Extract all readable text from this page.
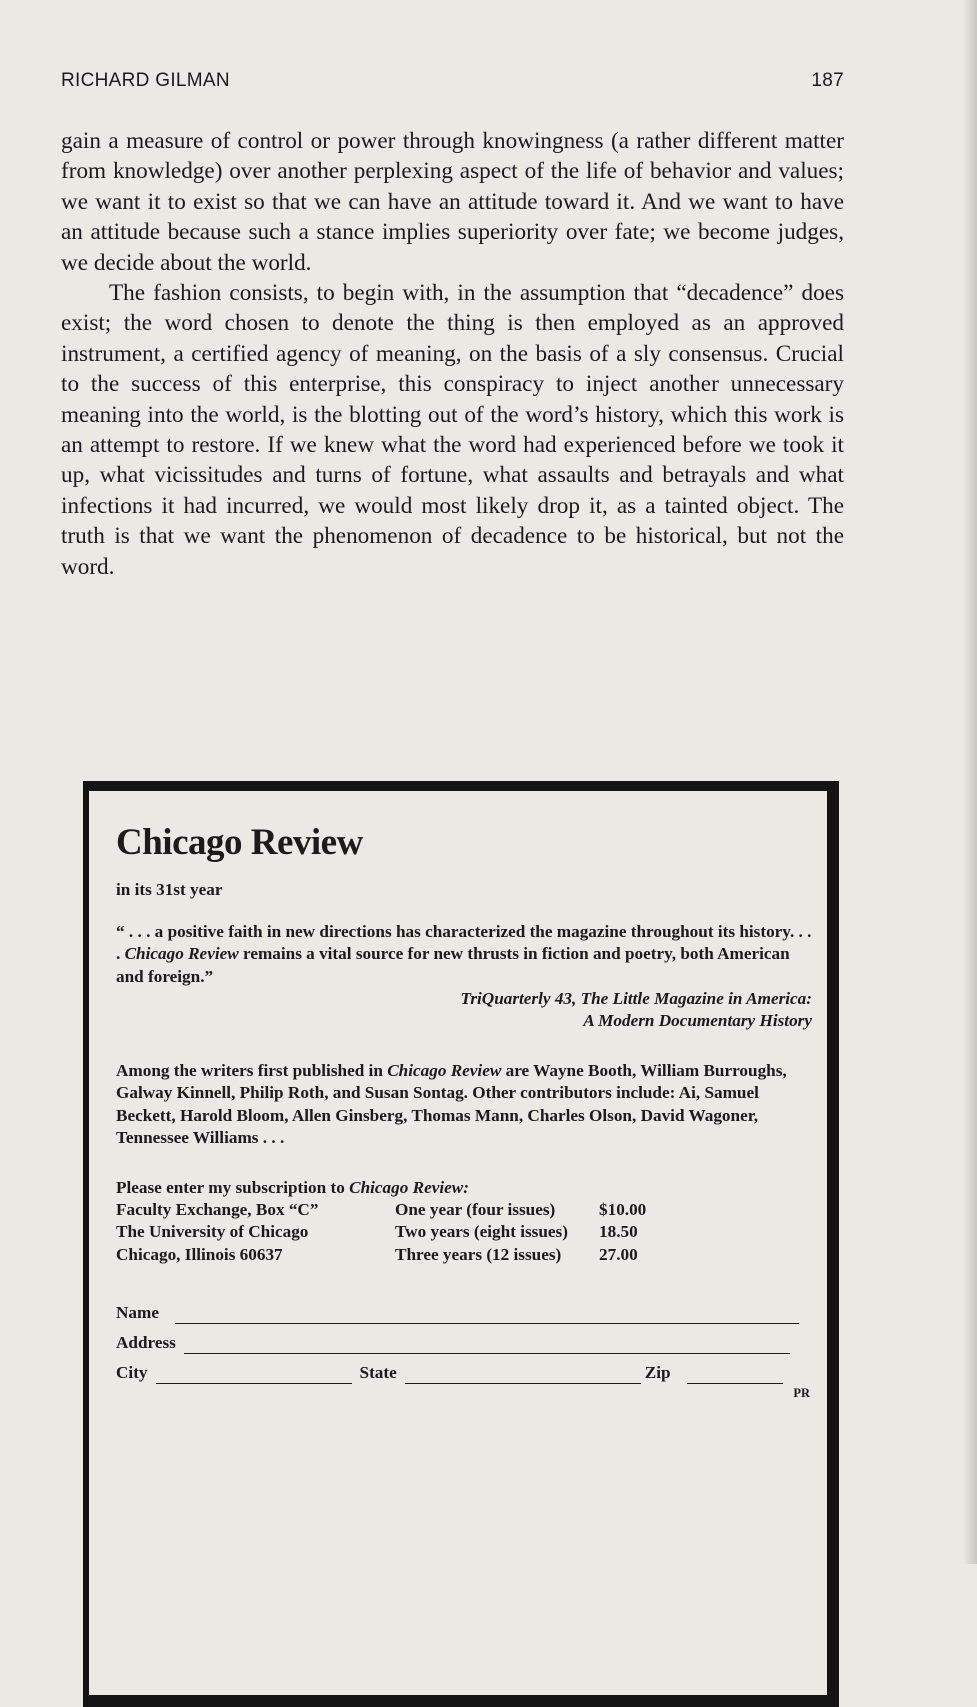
RICHARD GILMAN	187

gain a measure of control or power through knowingness (a rather different matter from knowledge) over another perplexing aspect of the life of behavior and values; we want it to exist so that we can have an attitude toward it. And we want to have an attitude because such a stance implies superiority over fate; we become judges, we decide about the world.

The fashion consists, to begin with, in the assumption that “decadence” does exist; the word chosen to denote the thing is then employed as an approved instrument, a certified agency of meaning, on the basis of a sly consensus. Crucial to the success of this enterprise, this conspiracy to inject another unnecessary meaning into the world, is the blotting out of the word’s history, which this work is an attempt to restore. If we knew what the word had experienced before we took it up, what vicissitudes and turns of fortune, what assaults and betrayals and what infections it had incurred, we would most likely drop it, as a tainted object. The truth is that we want the phenomenon of decadence to be historical, but not the word.

Chicago Review
in its 31st year

“ . . . a positive faith in new directions has characterized the magazine throughout its history. . . . Chicago Review remains a vital source for new thrusts in fiction and poetry, both American and foreign.”

TriQuarterly 43, The Little Magazine in America:
A Modern Documentary History

Among the writers first published in Chicago Review are Wayne Booth, William Burroughs, Galway Kinnell, Philip Roth, and Susan Sontag. Other contributors include: Ai, Samuel Beckett, Harold Bloom, Allen Ginsberg, Thomas Mann, Charles Olson, David Wagoner, Tennessee Williams . . .

Please enter my subscription to Chicago Review:
Faculty Exchange, Box “C”	One year (four issues)	$10.00
The University of Chicago	Two years (eight issues)	18.50
Chicago, Illinois 60637	Three years (12 issues)	27.00
Name
Address
City	State	Zip
PR
